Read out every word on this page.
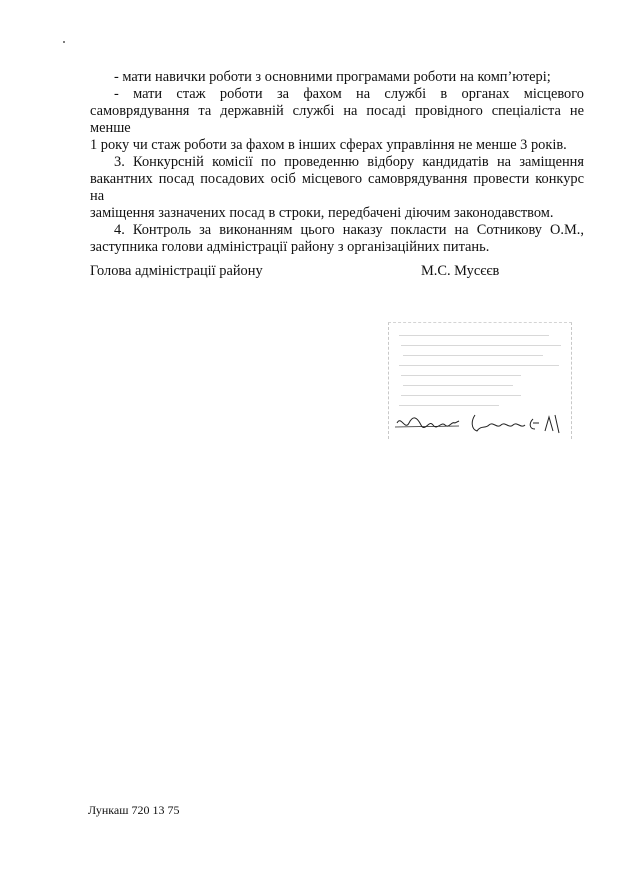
- мати навички роботи з основними програмами роботи на комп’ютері;
- мати стаж роботи за фахом на службі в органах місцевого
самоврядування та державній службі на посаді провідного спеціаліста не менше
1 року чи стаж роботи за фахом в інших сферах управління не менше 3 років.
3. Конкурсній комісії по проведенню відбору кандидатів на заміщення
вакантних посад посадових осіб місцевого самоврядування провести конкурс на
заміщення зазначених посад в строки, передбачені діючим законодавством.
4. Контроль за виконанням цього наказу покласти на Сотникову О.М.,
заступника голови адміністрації району з організаційних питань.
Голова адміністрації району	М.С. Мусєєв
Лункаш 720 13 75
